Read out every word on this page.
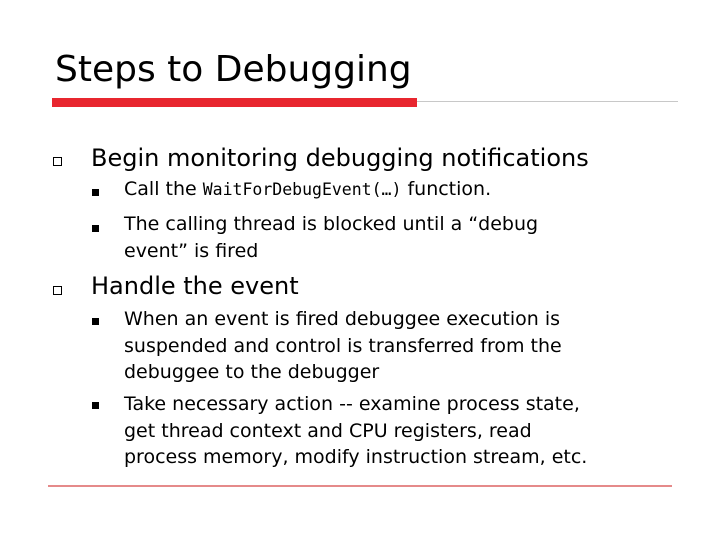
Steps to Debugging
Begin monitoring debugging notifications
Call the WaitForDebugEvent(…) function.
The calling thread is blocked until a “debug
event” is fired
Handle the event
When an event is fired debuggee execution is
suspended and control is transferred from the
debuggee to the debugger
Take necessary action -- examine process state,
get thread context and CPU registers, read
process memory, modify instruction stream, etc.
